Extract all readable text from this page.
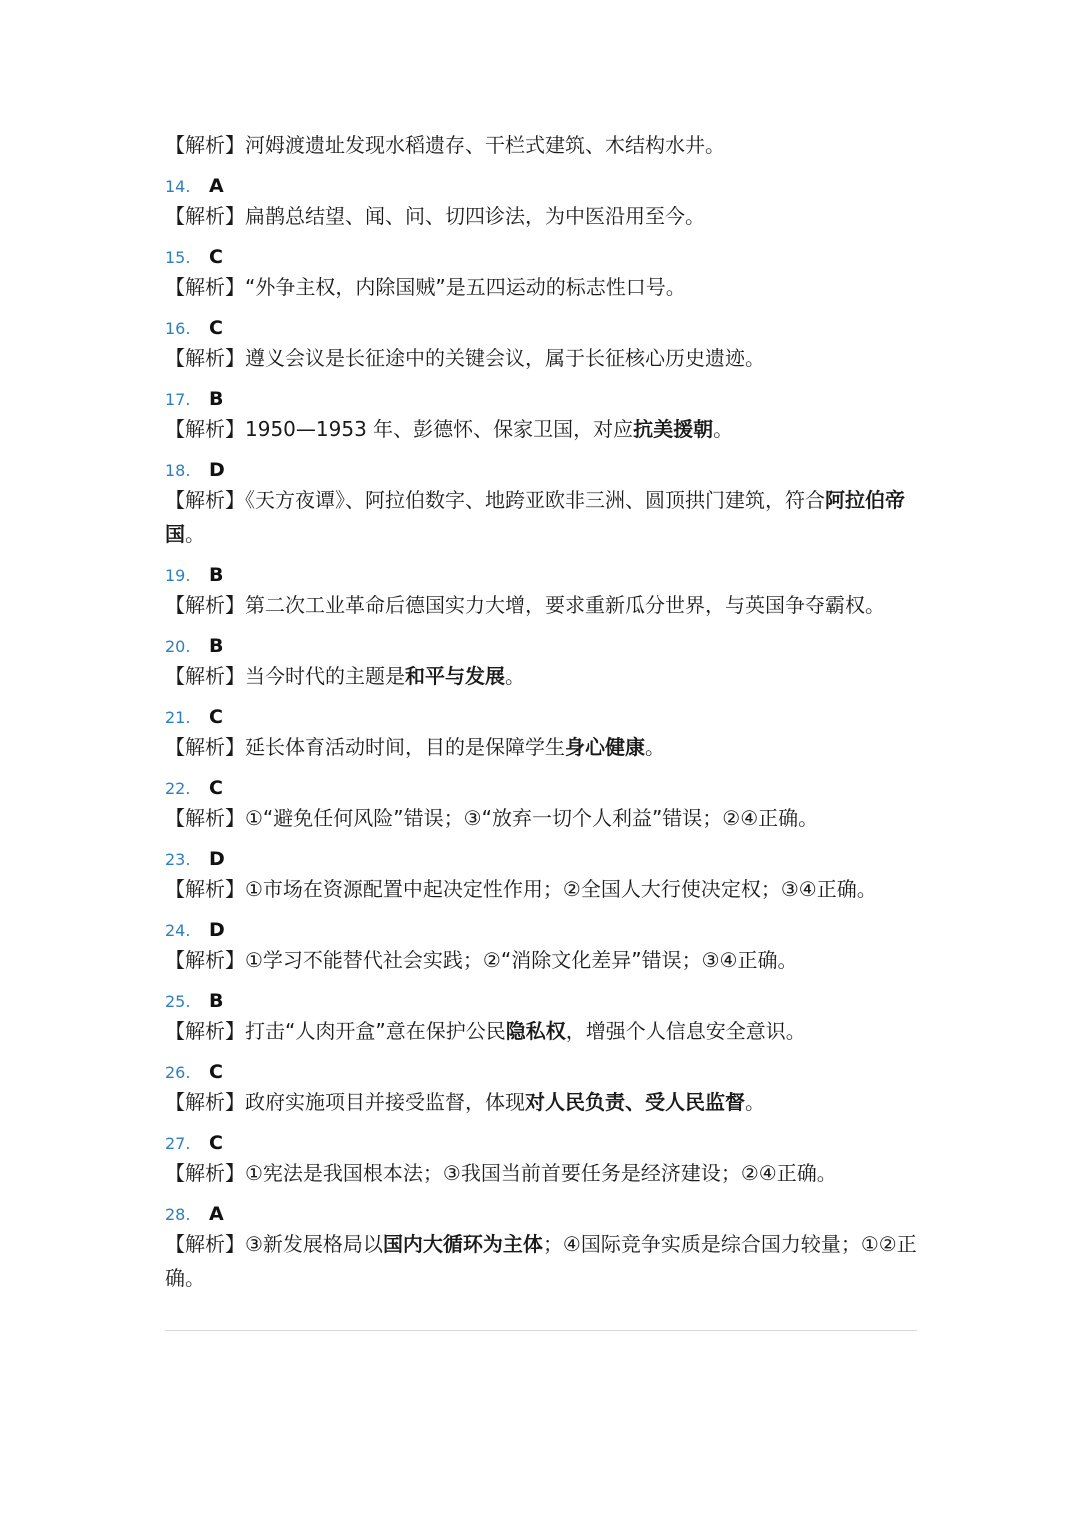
【解析】河姆渡遗址发现水稻遗存、干栏式建筑、木结构水井。
14. A
【解析】扁鹊总结望、闻、问、切四诊法，为中医沿用至今。
15. C
【解析】“外争主权，内除国贼”是五四运动的标志性口号。
16. C
【解析】遵义会议是长征途中的关键会议，属于长征核心历史遗迹。
17. B
【解析】1950—1953 年、彭德怀、保家卫国，对应抗美援朝。
18. D
【解析】《天方夜谭》、阿拉伯数字、地跨亚欧非三洲、圆顶拱门建筑，符合阿拉伯帝国。
19. B
【解析】第二次工业革命后德国实力大增，要求重新瓜分世界，与英国争夺霸权。
20. B
【解析】当今时代的主题是和平与发展。
21. C
【解析】延长体育活动时间，目的是保障学生身心健康。
22. C
【解析】①“避免任何风险”错误；③“放弃一切个人利益”错误；②④正确。
23. D
【解析】①市场在资源配置中起决定性作用；②全国人大行使决定权；③④正确。
24. D
【解析】①学习不能替代社会实践；②“消除文化差异”错误；③④正确。
25. B
【解析】打击“人肉开盒”意在保护公民隐私权，增强个人信息安全意识。
26. C
【解析】政府实施项目并接受监督，体现对人民负责、受人民监督。
27. C
【解析】①宪法是我国根本法；③我国当前首要任务是经济建设；②④正确。
28. A
【解析】③新发展格局以国内大循环为主体；④国际竞争实质是综合国力较量；①②正确。
